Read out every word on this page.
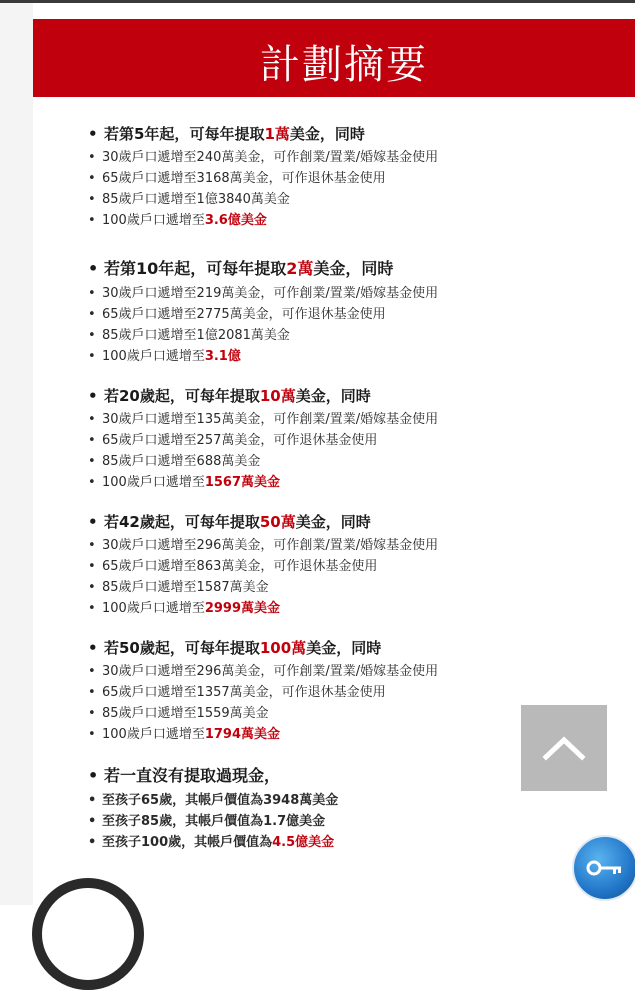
計劃摘要
• 若第5年起，可每年提取1萬美金，同時
• 30歲戶口遞增至240萬美金，可作創業/置業/婚嫁基金使用
• 65歲戶口遞增至3168萬美金，可作退休基金使用
• 85歲戶口遞增至1億3840萬美金
• 100歲戶口遞增至3.6億美金
• 若第10年起，可每年提取2萬美金，同時
• 30歲戶口遞增至219萬美金，可作創業/置業/婚嫁基金使用
• 65歲戶口遞增至2775萬美金，可作退休基金使用
• 85歲戶口遞增至1億2081萬美金
• 100歲戶口遞增至3.1億
• 若20歲起，可每年提取10萬美金，同時
• 30歲戶口遞增至135萬美金，可作創業/置業/婚嫁基金使用
• 65歲戶口遞增至257萬美金，可作退休基金使用
• 85歲戶口遞增至688萬美金
• 100歲戶口遞增至1567萬美金
• 若42歲起，可每年提取50萬美金，同時
• 30歲戶口遞增至296萬美金，可作創業/置業/婚嫁基金使用
• 65歲戶口遞增至863萬美金，可作退休基金使用
• 85歲戶口遞增至1587萬美金
• 100歲戶口遞增至2999萬美金
• 若50歲起，可每年提取100萬美金，同時
• 30歲戶口遞增至296萬美金，可作創業/置業/婚嫁基金使用
• 65歲戶口遞增至1357萬美金，可作退休基金使用
• 85歲戶口遞增至1559萬美金
• 100歲戶口遞增至1794萬美金
• 若一直沒有提取過現金，
• 至孩子65歲，其帳戶價值為3948萬美金
• 至孩子85歲，其帳戶價值為1.7億美金
• 至孩子100歲，其帳戶價值為4.5億美金
